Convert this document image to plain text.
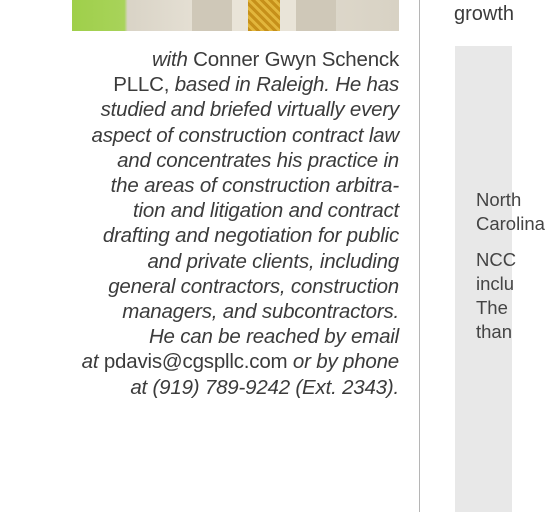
with Conner Gwyn Schenck
PLLC, based in Raleigh. He has
studied and briefed virtually every
aspect of construction contract law
and concentrates his practice in
the areas of construction arbitra-
tion and litigation and contract
drafting and negotiation for public
and private clients, including
general contractors, construction
managers, and subcontractors.
He can be reached by email
at pdavis@cgspllc.com or by phone
at (919) 789-9242 (Ext. 2343).
growth
North
Carolina
NCC
inclu
The
than
